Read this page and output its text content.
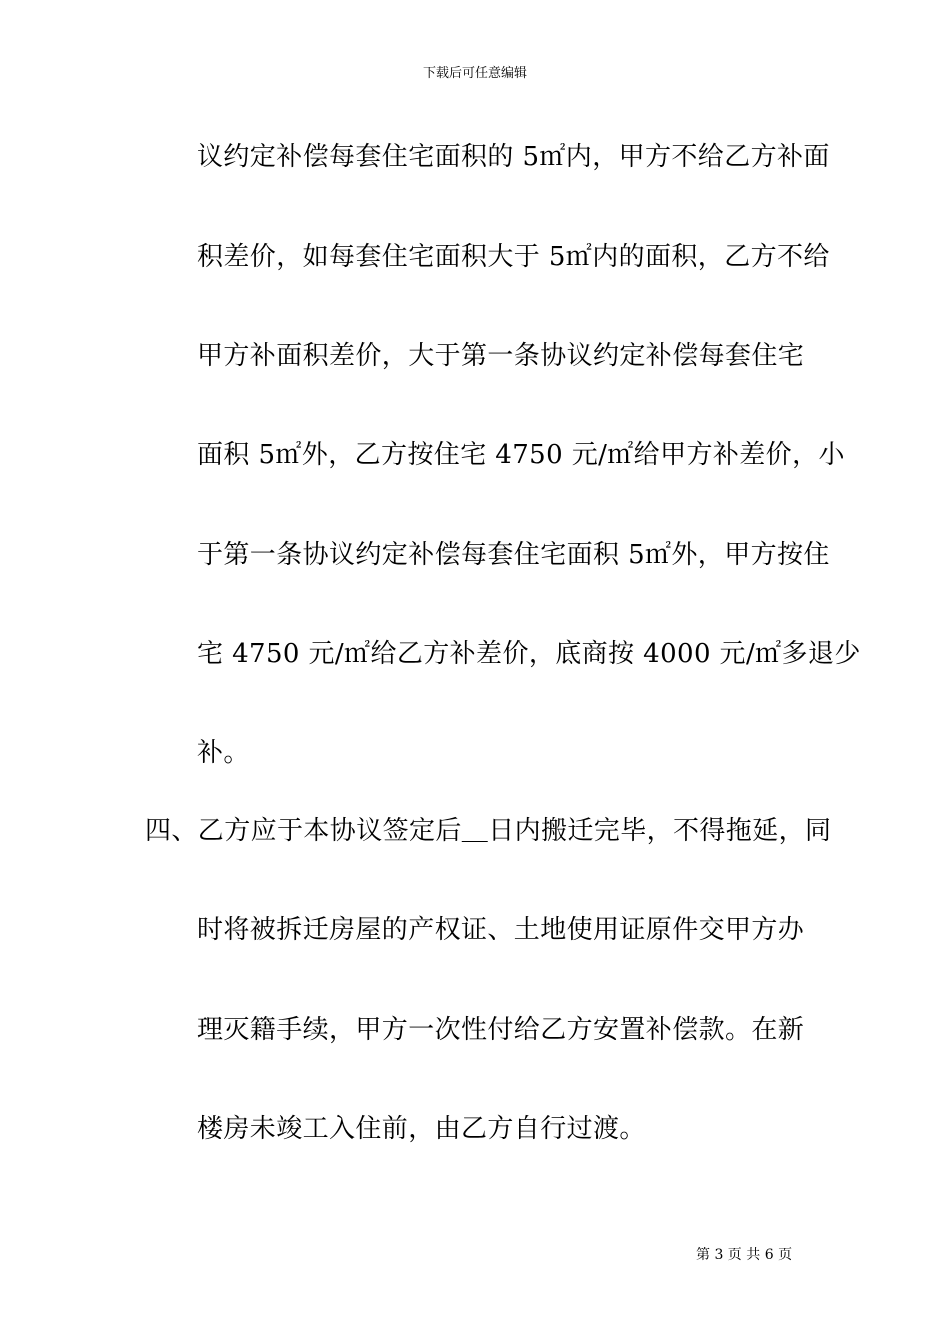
下载后可任意编辑
议约定补偿每套住宅面积的 5㎡内，甲方不给乙方补面
积差价，如每套住宅面积大于 5㎡内的面积，乙方不给
甲方补面积差价，大于第一条协议约定补偿每套住宅
面积 5㎡外，乙方按住宅 4750 元/㎡给甲方补差价，小
于第一条协议约定补偿每套住宅面积 5㎡外，甲方按住
宅 4750 元/㎡给乙方补差价，底商按 4000 元/㎡多退少
补。
四、乙方应于本协议签定后＿日内搬迁完毕，不得拖延，同
时将被拆迁房屋的产权证、土地使用证原件交甲方办
理灭籍手续，甲方一次性付给乙方安置补偿款。在新
楼房未竣工入住前，由乙方自行过渡。
第 3 页 共 6 页
